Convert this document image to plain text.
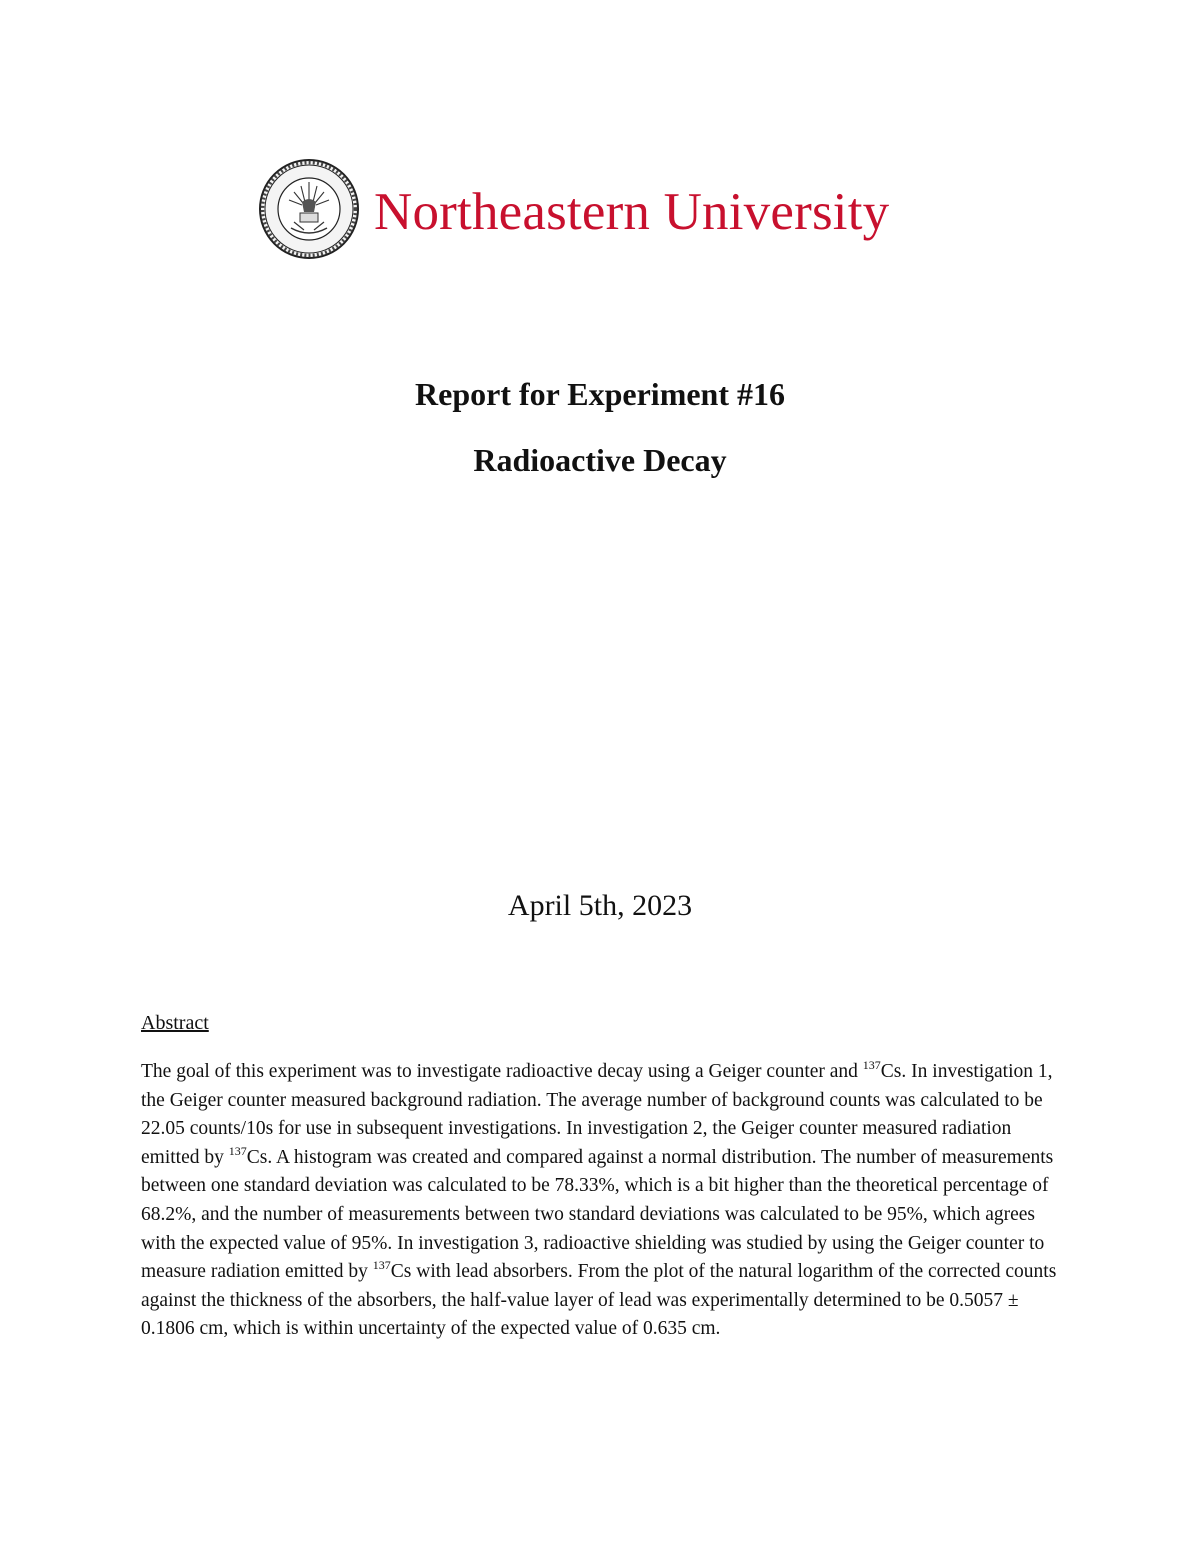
Northeastern University
Report for Experiment #16
Radioactive Decay
April 5th, 2023
Abstract

The goal of this experiment was to investigate radioactive decay using a Geiger counter and $^{137}$Cs. In investigation 1, the Geiger counter measured background radiation. The average number of background counts was calculated to be 22.05 counts/10s for use in subsequent investigations. In investigation 2, the Geiger counter measured radiation emitted by $^{137}$Cs. A histogram was created and compared against a normal distribution. The number of measurements between one standard deviation was calculated to be 78.33%, which is a bit higher than the theoretical percentage of 68.2%, and the number of measurements between two standard deviations was calculated to be 95%, which agrees with the expected value of 95%. In investigation 3, radioactive shielding was studied by using the Geiger counter to measure radiation emitted by $^{137}$Cs with lead absorbers. From the plot of the natural logarithm of the corrected counts against the thickness of the absorbers, the half-value layer of lead was experimentally determined to be 0.5057 ± 0.1806 cm, which is within uncertainty of the expected value of 0.635 cm.
